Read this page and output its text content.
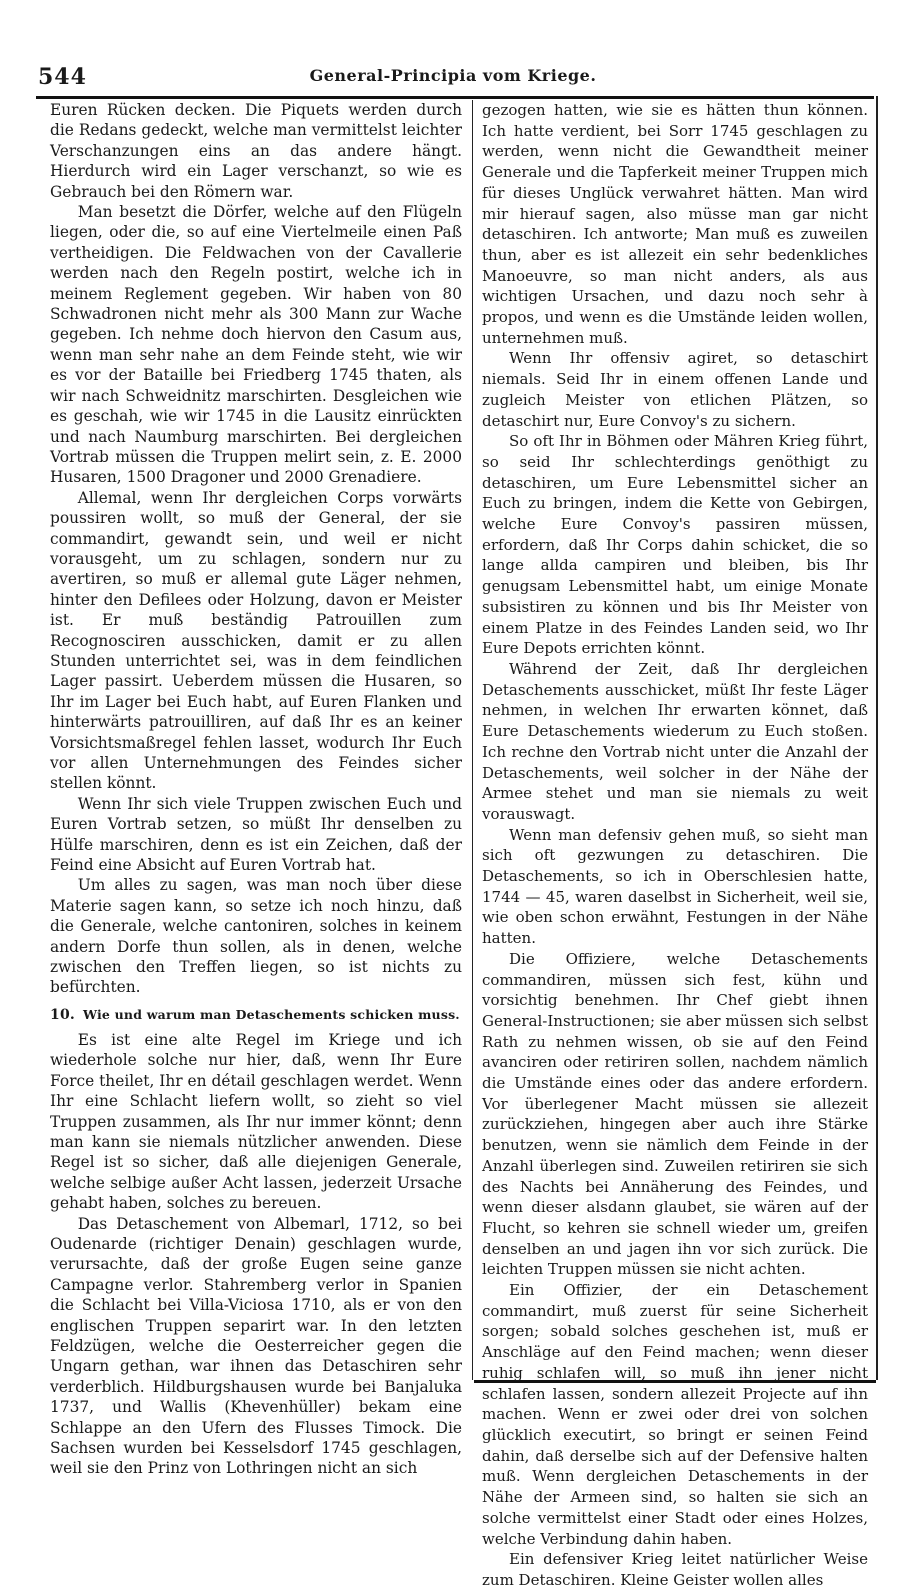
544	General-Principia vom Kriege.

Euren Rücken decken. Die Piquets werden durch die Redans gedeckt, welche man vermittelst leichter Verschanzungen eins an das andere hängt. Hierdurch wird ein Lager verschanzt, so wie es Gebrauch bei den Römern war.

Man besetzt die Dörfer, welche auf den Flügeln liegen, oder die, so auf eine Viertelmeile einen Paß vertheidigen. Die Feldwachen von der Cavallerie werden nach den Regeln postirt, welche ich in meinem Reglement gegeben. Wir haben von 80 Schwadronen nicht mehr als 300 Mann zur Wache gegeben. Ich nehme doch hiervon den Casum aus, wenn man sehr nahe an dem Feinde steht, wie wir es vor der Bataille bei Friedberg 1745 thaten, als wir nach Schweidnitz marschirten. Desgleichen wie es geschah, wie wir 1745 in die Lausitz einrückten und nach Naumburg marschirten. Bei dergleichen Vortrab müssen die Truppen melirt sein, z. E. 2000 Husaren, 1500 Dragoner und 2000 Grenadiere.

Allemal, wenn Ihr dergleichen Corps vorwärts poussiren wollt, so muß der General, der sie commandirt, gewandt sein, und weil er nicht vorausgeht, um zu schlagen, sondern nur zu avertiren, so muß er allemal gute Läger nehmen, hinter den Defilees oder Holzung, davon er Meister ist. Er muß beständig Patrouillen zum Recognosciren ausschicken, damit er zu allen Stunden unterrichtet sei, was in dem feindlichen Lager passirt. Ueberdem müssen die Husaren, so Ihr im Lager bei Euch habt, auf Euren Flanken und hinterwärts patrouilliren, auf daß Ihr es an keiner Vorsichtsmaßregel fehlen lasset, wodurch Ihr Euch vor allen Unternehmungen des Feindes sicher stellen könnt.

Wenn Ihr sich viele Truppen zwischen Euch und Euren Vortrab setzen, so müßt Ihr denselben zu Hülfe marschiren, denn es ist ein Zeichen, daß der Feind eine Absicht auf Euren Vortrab hat.

Um alles zu sagen, was man noch über diese Materie sagen kann, so setze ich noch hinzu, daß die Generale, welche cantoniren, solches in keinem andern Dorfe thun sollen, als in denen, welche zwischen den Treffen liegen, so ist nichts zu befürchten.

10. Wie und warum man Detaschements schicken muss.

Es ist eine alte Regel im Kriege und ich wiederhole solche nur hier, daß, wenn Ihr Eure Force theilet, Ihr en détail geschlagen werdet. Wenn Ihr eine Schlacht liefern wollt, so zieht so viel Truppen zusammen, als Ihr nur immer könnt; denn man kann sie niemals nützlicher anwenden. Diese Regel ist so sicher, daß alle diejenigen Generale, welche selbige außer Acht lassen, jederzeit Ursache gehabt haben, solches zu bereuen.

Das Detaschement von Albemarl, 1712, so bei Oudenarde (richtiger Denain) geschlagen wurde, verursachte, daß der große Eugen seine ganze Campagne verlor. Stahremberg verlor in Spanien die Schlacht bei Villa-Viciosa 1710, als er von den englischen Truppen separirt war. In den letzten Feldzügen, welche die Oesterreicher gegen die Ungarn gethan, war ihnen das Detaschiren sehr verderblich. Hildburgshausen wurde bei Banjaluka 1737, und Wallis (Khevenhüller) bekam eine Schlappe an den Ufern des Flusses Timock. Die Sachsen wurden bei Kesselsdorf 1745 geschlagen, weil sie den Prinz von Lothringen nicht an sich

gezogen hatten, wie sie es hätten thun können. Ich hatte verdient, bei Sorr 1745 geschlagen zu werden, wenn nicht die Gewandtheit meiner Generale und die Tapferkeit meiner Truppen mich für dieses Unglück verwahret hätten. Man wird mir hierauf sagen, also müsse man gar nicht detaschiren. Ich antworte; Man muß es zuweilen thun, aber es ist allezeit ein sehr bedenkliches Manoeuvre, so man nicht anders, als aus wichtigen Ursachen, und dazu noch sehr à propos, und wenn es die Umstände leiden wollen, unternehmen muß.

Wenn Ihr offensiv agiret, so detaschirt niemals. Seid Ihr in einem offenen Lande und zugleich Meister von etlichen Plätzen, so detaschirt nur, Eure Convoy's zu sichern.

So oft Ihr in Böhmen oder Mähren Krieg führt, so seid Ihr schlechterdings genöthigt zu detaschiren, um Eure Lebensmittel sicher an Euch zu bringen, indem die Kette von Gebirgen, welche Eure Convoy's passiren müssen, erfordern, daß Ihr Corps dahin schicket, die so lange allda campiren und bleiben, bis Ihr genugsam Lebensmittel habt, um einige Monate subsistiren zu können und bis Ihr Meister von einem Platze in des Feindes Landen seid, wo Ihr Eure Depots errichten könnt.

Während der Zeit, daß Ihr dergleichen Detaschements ausschicket, müßt Ihr feste Läger nehmen, in welchen Ihr erwarten könnet, daß Eure Detaschements wiederum zu Euch stoßen. Ich rechne den Vortrab nicht unter die Anzahl der Detaschements, weil solcher in der Nähe der Armee stehet und man sie niemals zu weit vorauswagt.

Wenn man defensiv gehen muß, so sieht man sich oft gezwungen zu detaschiren. Die Detaschements, so ich in Oberschlesien hatte, 1744 — 45, waren daselbst in Sicherheit, weil sie, wie oben schon erwähnt, Festungen in der Nähe hatten.

Die Offiziere, welche Detaschements commandiren, müssen sich fest, kühn und vorsichtig benehmen. Ihr Chef giebt ihnen General-Instructionen; sie aber müssen sich selbst Rath zu nehmen wissen, ob sie auf den Feind avanciren oder retiriren sollen, nachdem nämlich die Umstände eines oder das andere erfordern. Vor überlegener Macht müssen sie allezeit zurückziehen, hingegen aber auch ihre Stärke benutzen, wenn sie nämlich dem Feinde in der Anzahl überlegen sind. Zuweilen retiriren sie sich des Nachts bei Annäherung des Feindes, und wenn dieser alsdann glaubet, sie wären auf der Flucht, so kehren sie schnell wieder um, greifen denselben an und jagen ihn vor sich zurück. Die leichten Truppen müssen sie nicht achten.

Ein Offizier, der ein Detaschement commandirt, muß zuerst für seine Sicherheit sorgen; sobald solches geschehen ist, muß er Anschläge auf den Feind machen; wenn dieser ruhig schlafen will, so muß ihn jener nicht schlafen lassen, sondern allezeit Projecte auf ihn machen. Wenn er zwei oder drei von solchen glücklich executirt, so bringt er seinen Feind dahin, daß derselbe sich auf der Defensive halten muß. Wenn dergleichen Detaschements in der Nähe der Armeen sind, so halten sie sich an solche vermittelst einer Stadt oder eines Holzes, welche Verbindung dahin haben.

Ein defensiver Krieg leitet natürlicher Weise zum Detaschiren. Kleine Geister wollen alles
